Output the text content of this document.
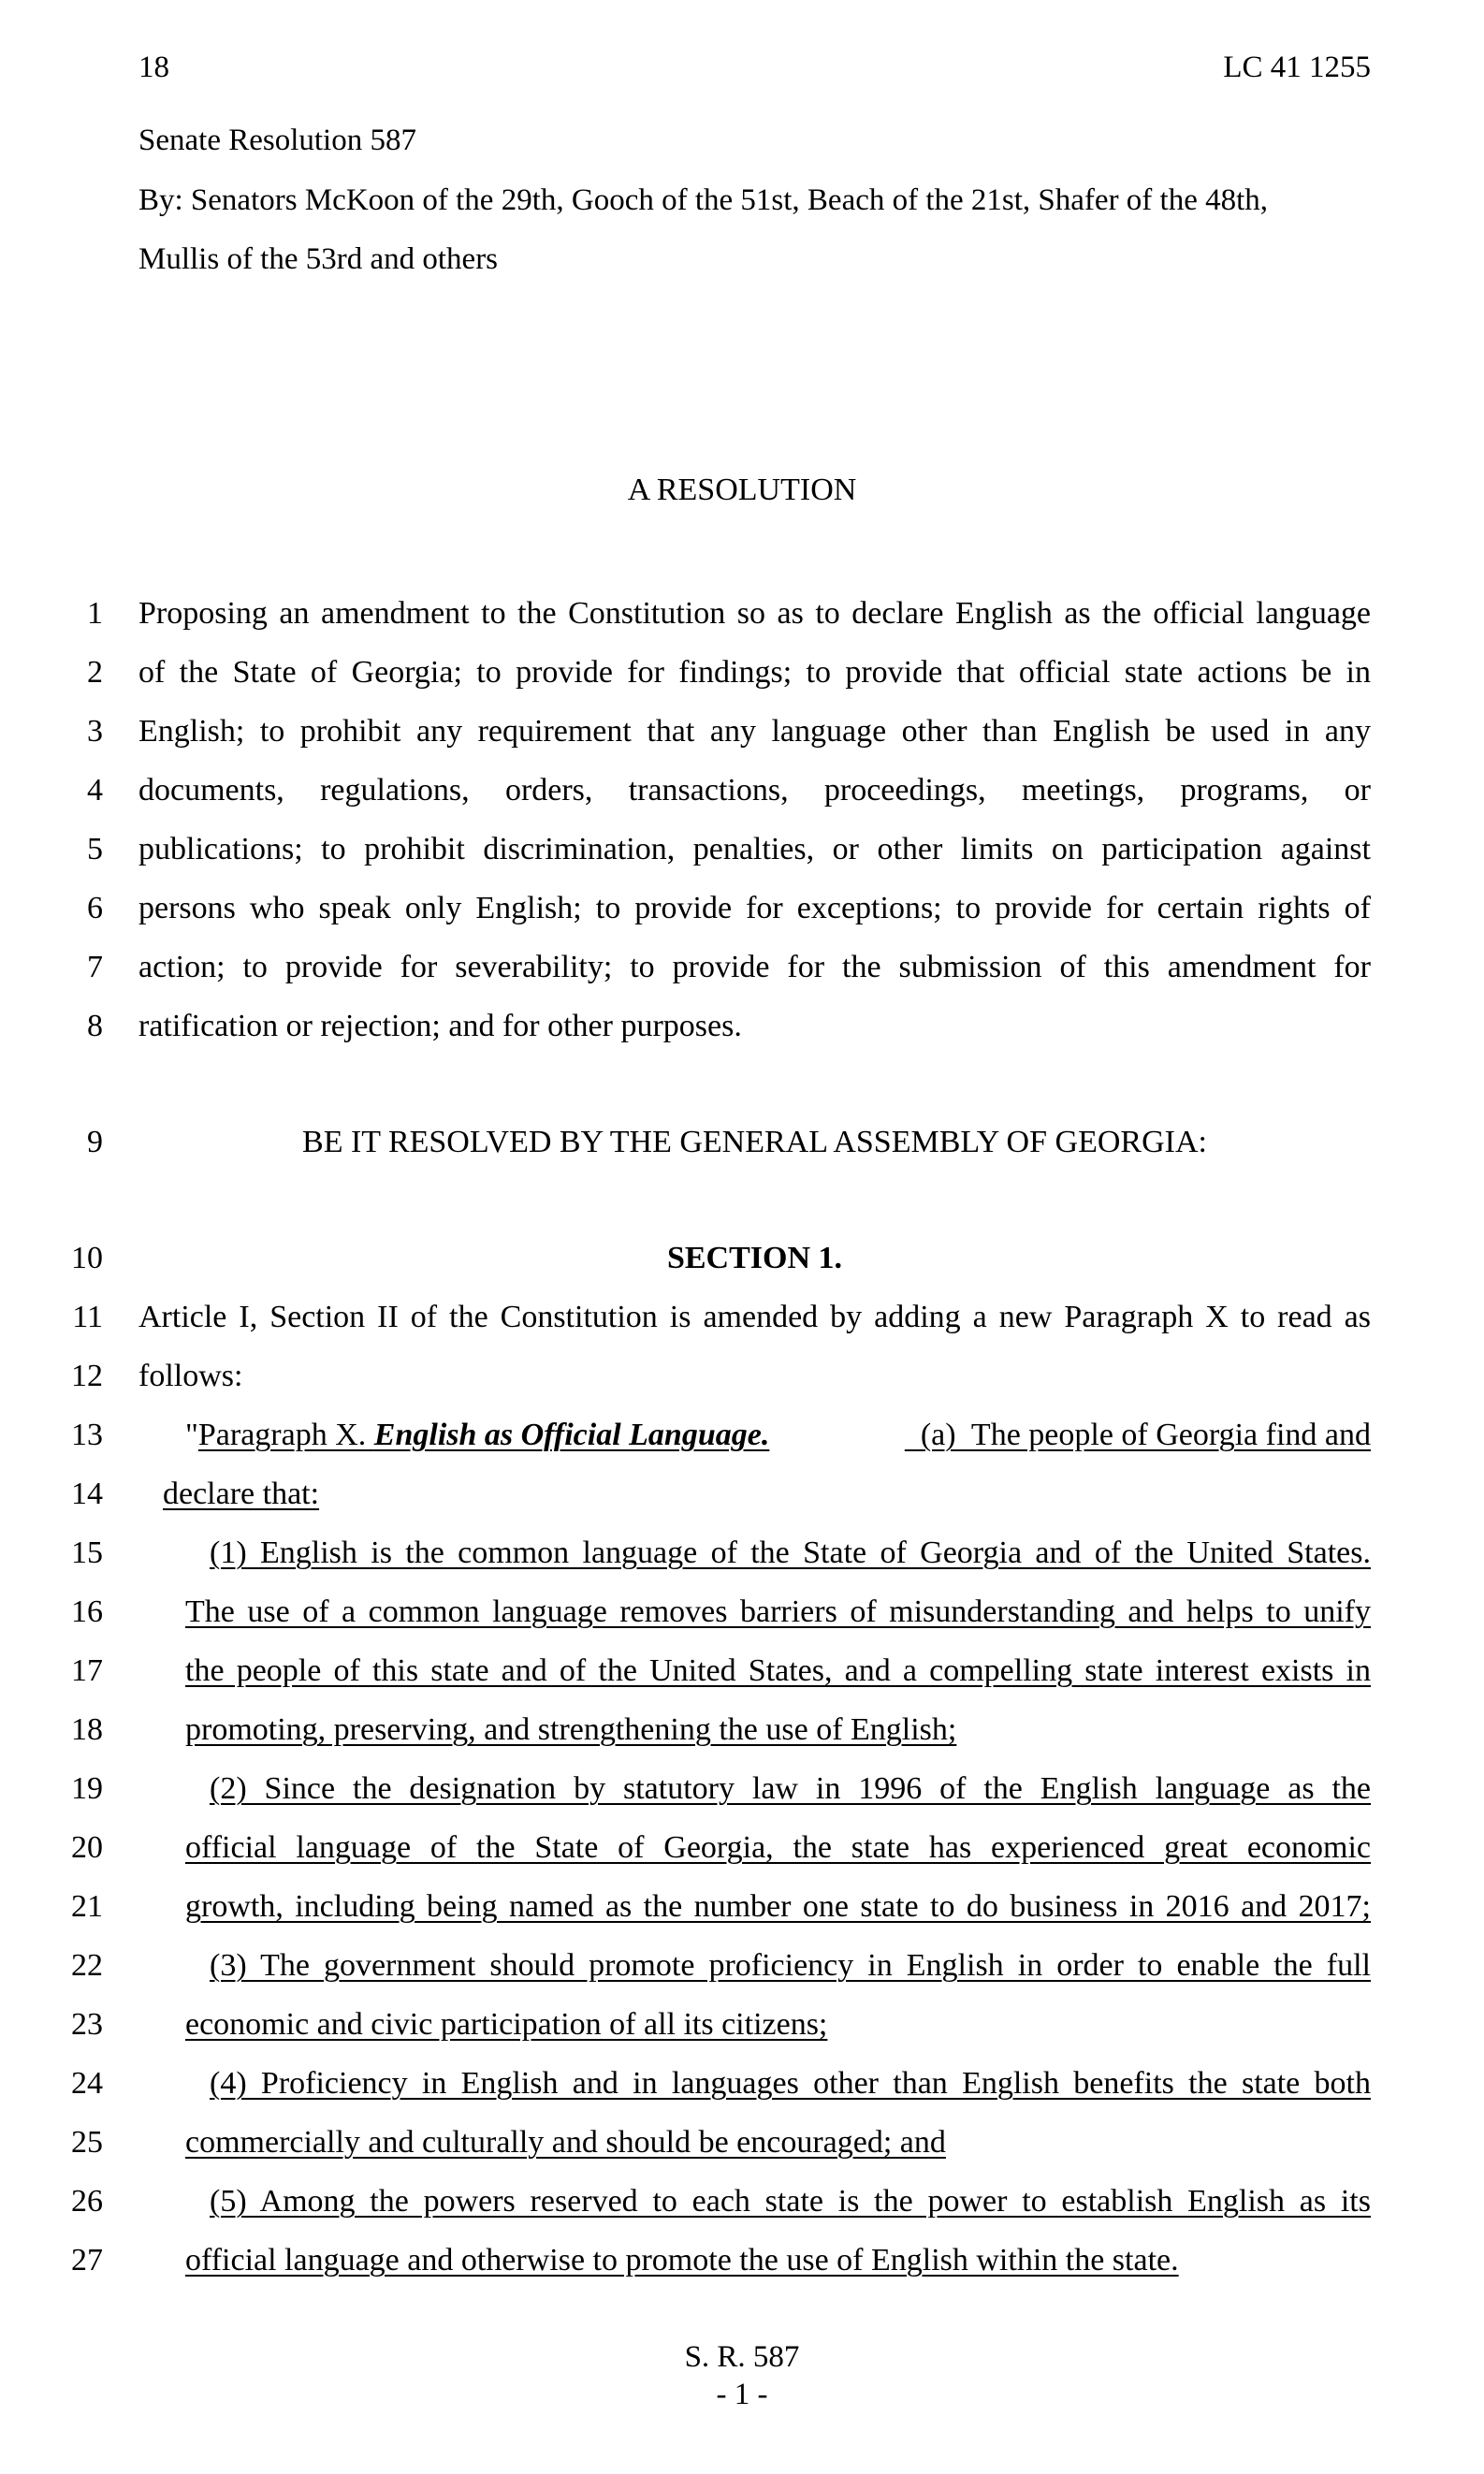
18	LC 41 1255
Senate Resolution 587
By: Senators McKoon of the 29th, Gooch of the 51st, Beach of the 21st, Shafer of the 48th,
Mullis of the 53rd and others
A RESOLUTION
1 Proposing an amendment to the Constitution so as to declare English as the official language
2 of the State of Georgia; to provide for findings; to provide that official state actions be in
3 English; to prohibit any requirement that any language other than English be used in any
4 documents, regulations, orders, transactions, proceedings, meetings, programs, or
5 publications; to prohibit discrimination, penalties, or other limits on participation against
6 persons who speak only English; to provide for exceptions; to provide for certain rights of
7 action; to provide for severability; to provide for the submission of this amendment for
8 ratification or rejection; and for other purposes.
9	BE IT RESOLVED BY THE GENERAL ASSEMBLY OF GEORGIA:
10	SECTION 1.
11 Article I, Section II of the Constitution is amended by adding a new Paragraph X to read as
12 follows:
13	"Paragraph X. English as Official Language.	(a)  The people of Georgia find and
14 declare that:
15	(1) English is the common language of the State of Georgia and of the United States.
16	The use of a common language removes barriers of misunderstanding and helps to unify
17	the people of this state and of the United States, and a compelling state interest exists in
18	promoting, preserving, and strengthening the use of English;
19	(2) Since the designation by statutory law in 1996 of the English language as the
20	official language of the State of Georgia, the state has experienced great economic
21	growth, including being named as the number one state to do business in 2016 and 2017;
22	(3) The government should promote proficiency in English in order to enable the full
23	economic and civic participation of all its citizens;
24	(4) Proficiency in English and in languages other than English benefits the state both
25	commercially and culturally and should be encouraged; and
26	(5) Among the powers reserved to each state is the power to establish English as its
27	official language and otherwise to promote the use of English within the state.
S. R. 587
- 1 -
